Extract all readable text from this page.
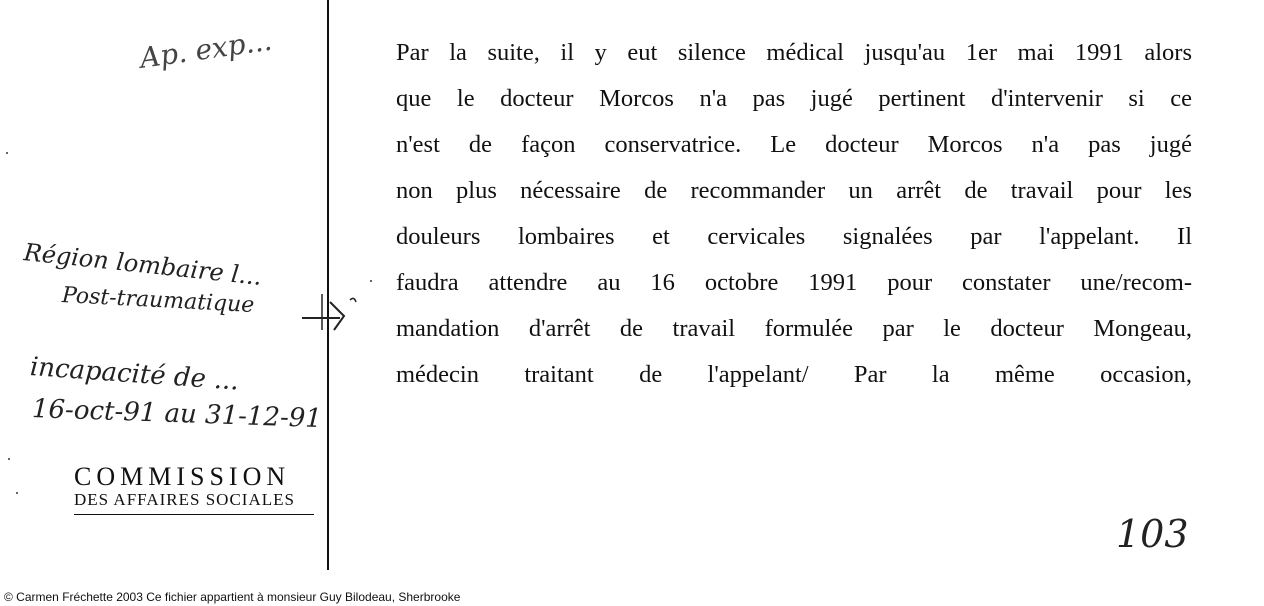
Ap. exp...
Région lombaire l...
Post-traumatique
incapacité de ...
16-oct-91 au 31-12-91
COMMISSION
DES AFFAIRES SOCIALES
Par la suite, il y eut silence médical jusqu'au 1er mai 1991 alors
que le docteur Morcos n'a pas jugé pertinent d'intervenir si ce
n'est de façon conservatrice. Le docteur Morcos n'a pas jugé
non plus nécessaire de recommander un arrêt de travail pour les
douleurs lombaires et cervicales signalées par l'appelant. Il
faudra attendre au 16 octobre 1991 pour constater une/recom-
mandation d'arrêt de travail formulée par le docteur Mongeau,
médecin traitant de l'appelant/ Par la même occasion,
103
© Carmen Fréchette 2003 Ce fichier appartient à monsieur Guy Bilodeau, Sherbrooke
